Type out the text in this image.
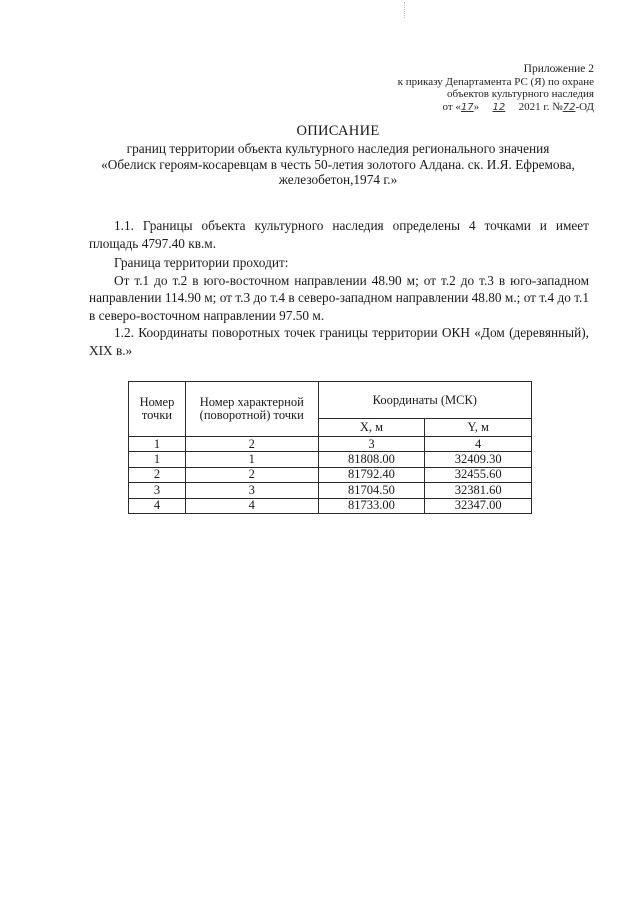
Приложение 2
к приказу Департамента РС (Я) по охране
объектов культурного наследия
от «17» 12 2021 г. №72-ОД
ОПИСАНИЕ
границ территории объекта культурного наследия регионального значения
«Обелиск героям-косаревцам в честь 50-летия золотого Алдана. ск. И.Я. Ефремова,
железобетон,1974 г.»

1.1. Границы объекта культурного наследия определены 4 точками и имеет площадь 4797.40 кв.м.

Граница территории проходит:

От т.1 до т.2 в юго-восточном направлении 48.90 м; от т.2 до т.3 в юго-западном направлении 114.90 м; от т.3 до т.4 в северо-западном направлении 48.80 м.; от т.4 до т.1 в северо-восточном направлении 97.50 м.

1.2. Координаты поворотных точек границы территории ОКН «Дом (деревянный), XIX в.»

Номер точки	Номер характерной (поворотной) точки	Координаты (МСК)	
		X, м	Y, м
1	2	3	4
1	1	81808.00	32409.30
2	2	81792.40	32455.60
3	3	81704.50	32381.60
4	4	81733.00	32347.00
